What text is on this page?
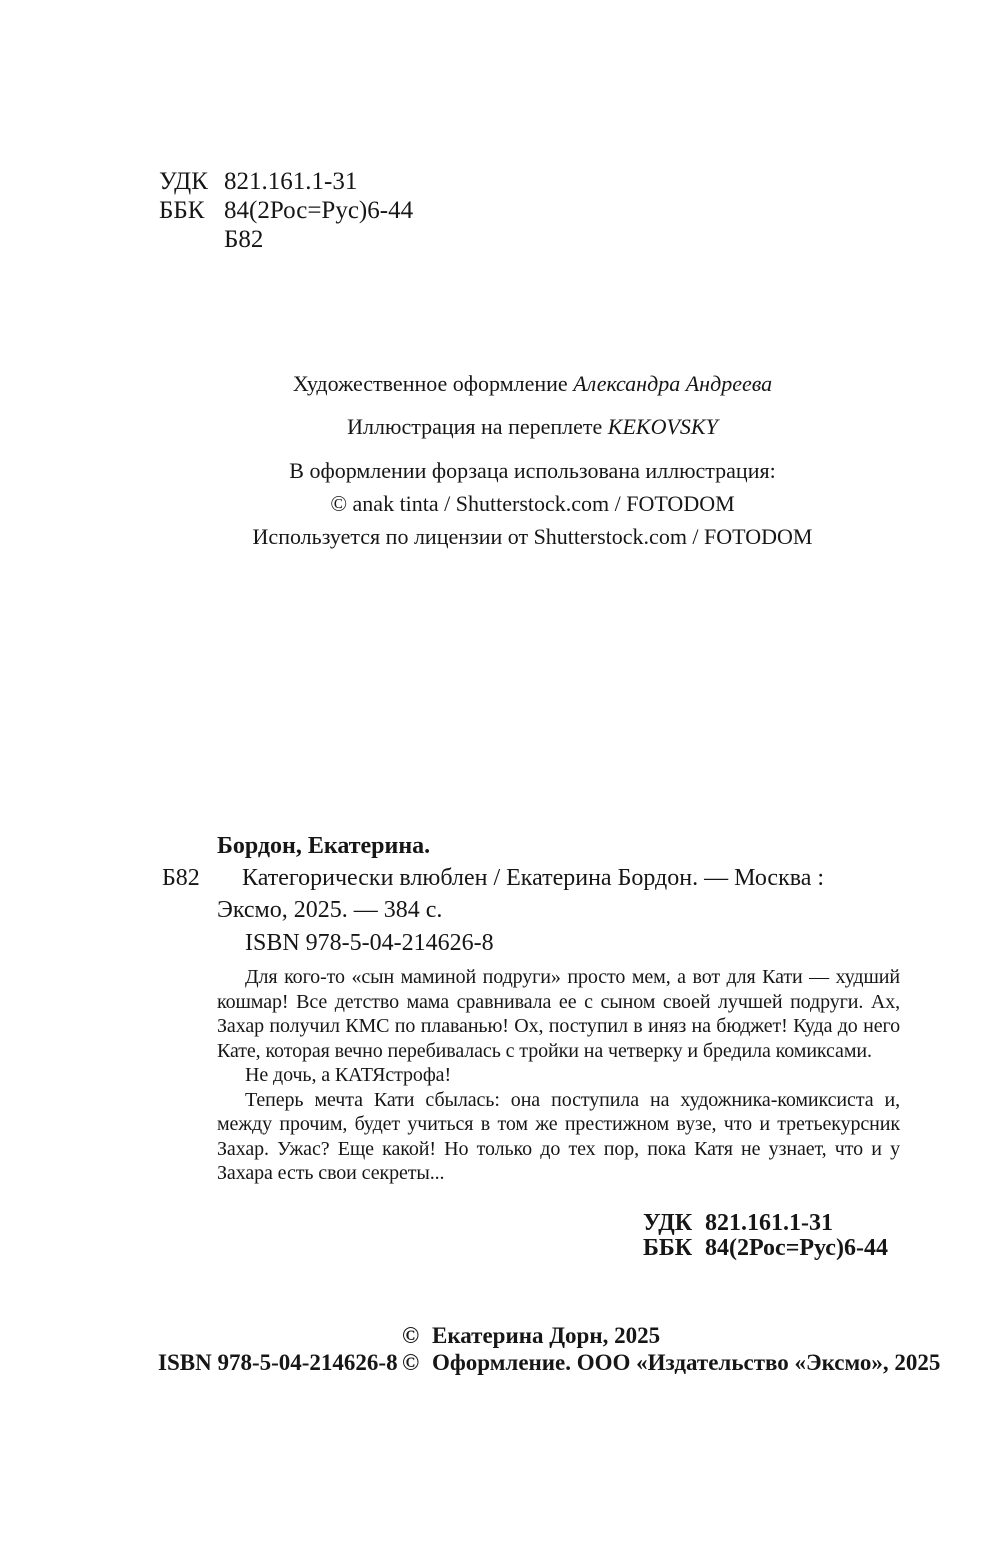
УДК 821.161.1-31
ББК 84(2Рос=Рус)6-44
Б82
Художественное оформление Александра Андреева
Иллюстрация на переплете KEKOVSKY
В оформлении форзаца использована иллюстрация:
© anak tinta / Shutterstock.com / FOTODOM
Используется по лицензии от Shutterstock.com / FOTODOM

Бордон, Екатерина.

Б82	Категорически влюблен / Екатерина Бордон. — Москва : Эксмо, 2025. — 384 с.

ISBN 978-5-04-214626-8

Для кого-то «сын маминой подруги» просто мем, а вот для Кати — худший кошмар! Все детство мама сравнивала ее с сыном своей лучшей подруги. Ах, Захар получил КМС по плаванью! Ох, поступил в иняз на бюджет! Куда до него Кате, которая вечно перебивалась с тройки на четверку и бредила комиксами.

Не дочь, а КАТЯстрофа!

Теперь мечта Кати сбылась: она поступила на художника-комиксиста и, между прочим, будет учиться в том же престижном вузе, что и третьекурсник Захар. Ужас? Еще какой! Но только до тех пор, пока Катя не узнает, что и у Захара есть свои секреты...

УДК 821.161.1-31
ББК 84(2Рос=Рус)6-44
© Екатерина Дорн, 2025
ISBN 978-5-04-214626-8 © Оформление. ООО «Издательство «Эксмо», 2025
